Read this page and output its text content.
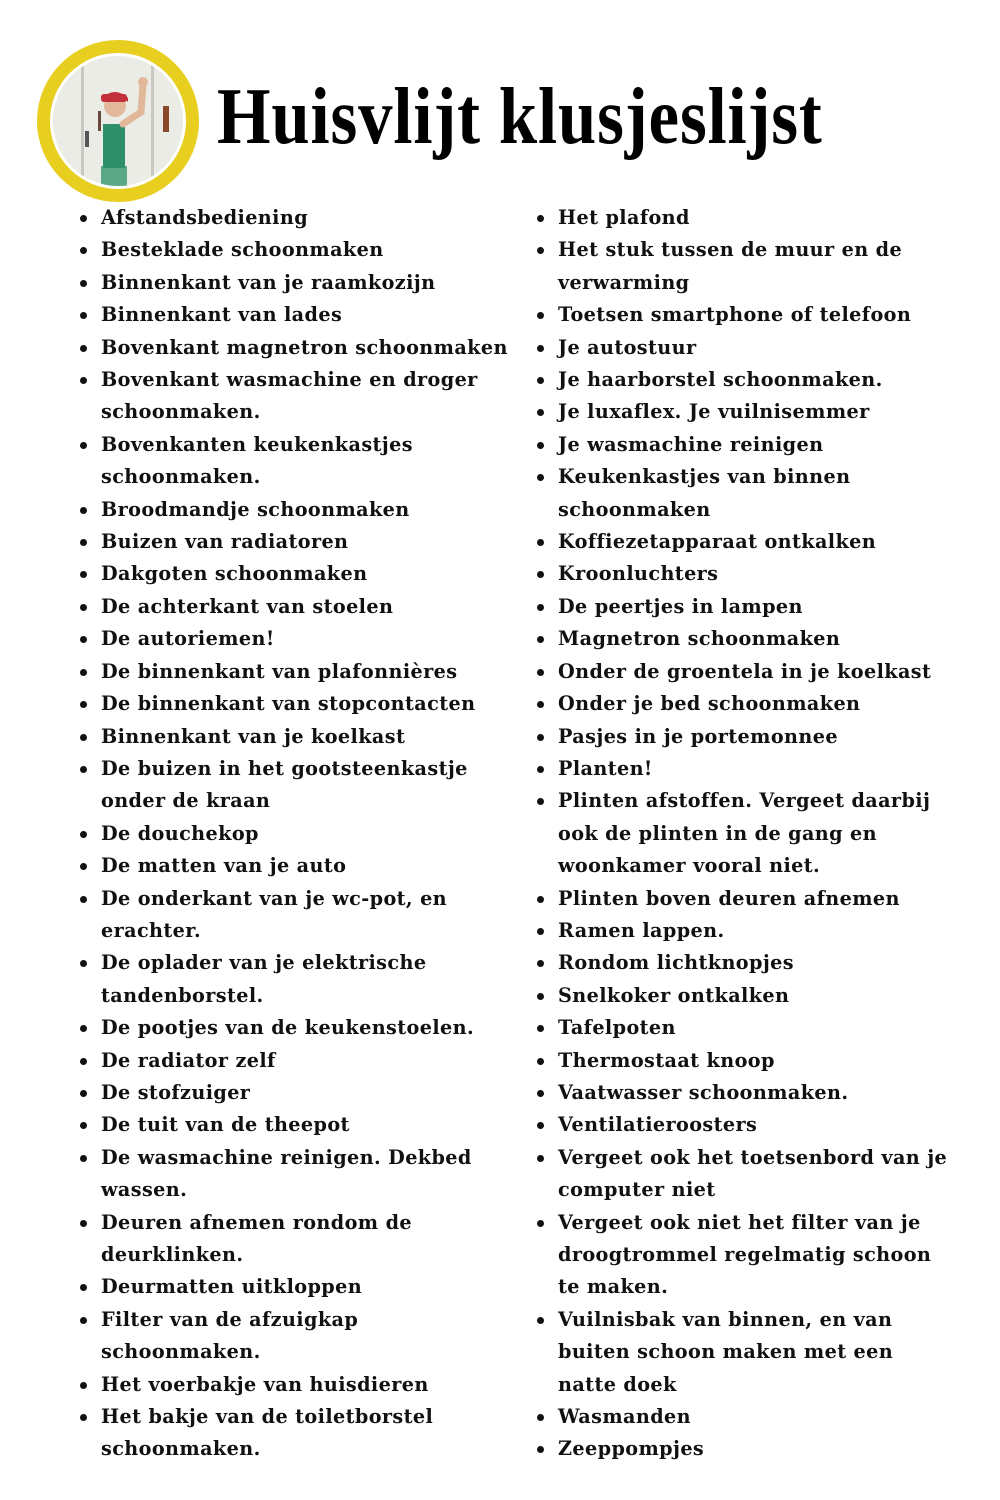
Huisvlijt klusjeslijst
Afstandsbediening
Besteklade schoonmaken
Binnenkant van je raamkozijn
Binnenkant van lades
Bovenkant magnetron schoonmaken
Bovenkant wasmachine en droger schoonmaken.
Bovenkanten keukenkastjes schoonmaken.
Broodmandje schoonmaken
Buizen van radiatoren
Dakgoten schoonmaken
De achterkant van stoelen
De autoriemen!
De binnenkant van plafonnières
De binnenkant van stopcontacten
Binnenkant van je koelkast
De buizen in het gootsteenkastje onder de kraan
De douchekop
De matten van je auto
De onderkant van je wc-pot, en erachter.
De oplader van je elektrische tandenborstel.
De pootjes van de keukenstoelen.
De radiator zelf
De stofzuiger
De tuit van de theepot
De wasmachine reinigen. Dekbed wassen.
Deuren afnemen rondom de deurklinken.
Deurmatten uitkloppen
Filter van de afzuigkap schoonmaken.
Het voerbakje van huisdieren
Het bakje van de toiletborstel schoonmaken.
Het plafond
Het stuk tussen de muur en de verwarming
Toetsen smartphone of telefoon
Je autostuur
Je haarborstel schoonmaken.
Je luxaflex. Je vuilnisemmer
Je wasmachine reinigen
Keukenkastjes van binnen schoonmaken
Koffiezetapparaat ontkalken
Kroonluchters
De peertjes in lampen
Magnetron schoonmaken
Onder de groentela in je koelkast
Onder je bed schoonmaken
Pasjes in je portemonnee
Planten!
Plinten afstoffen. Vergeet daarbij ook de plinten in de gang en woonkamer vooral niet.
Plinten boven deuren afnemen
Ramen lappen.
Rondom lichtknopjes
Snelkoker ontkalken
Tafelpoten
Thermostaat knoop
Vaatwasser schoonmaken.
Ventilatieroosters
Vergeet ook het toetsenbord van je computer niet
Vergeet ook niet het filter van je droogtrommel regelmatig schoon te maken.
Vuilnisbak van binnen, en van buiten schoon maken met een natte doek
Wasmanden
Zeeppompjes
